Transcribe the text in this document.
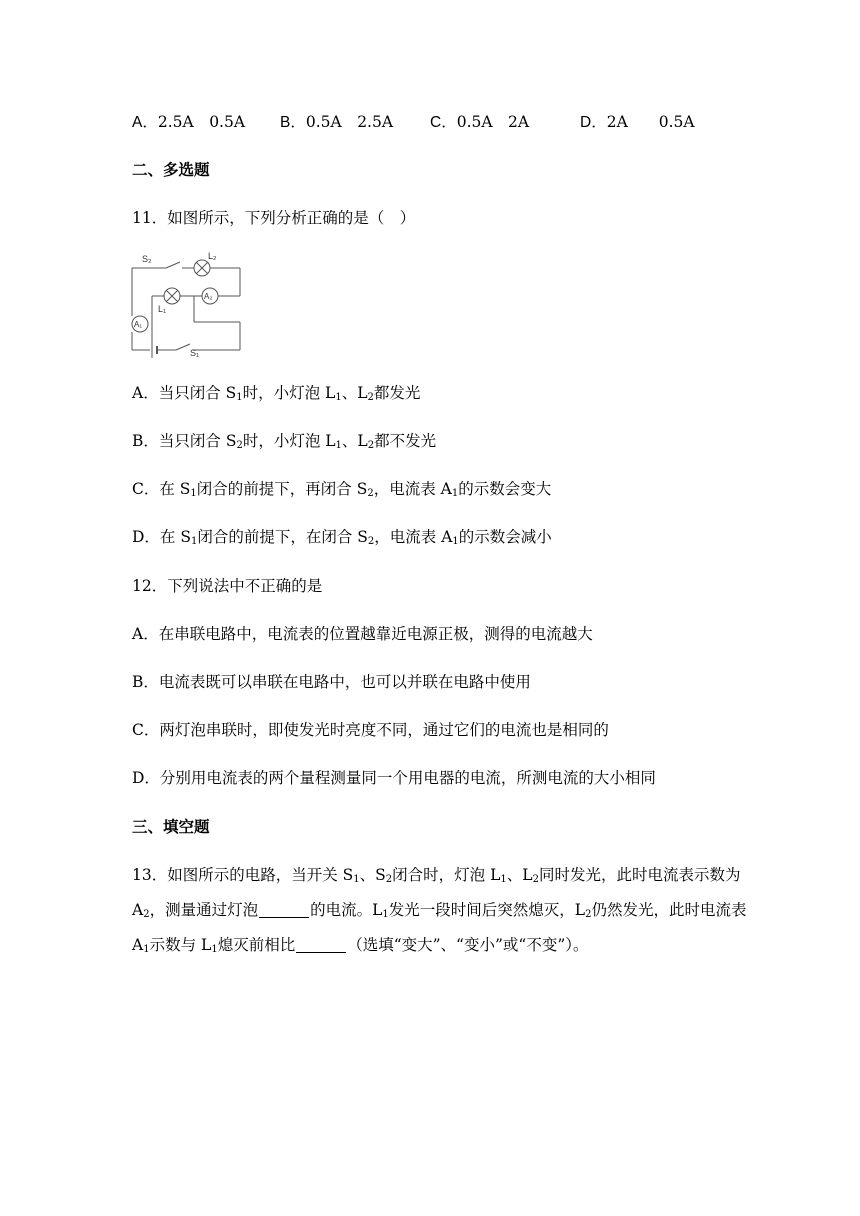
A．2.5A　0.5A B．0.5A　2.5A C．0.5A　2A	D．2A　　0.5A
二、多选题
11．如图所示，下列分析正确的是（　）
S₂	L₂
L₁
A₂
A₁
S₁
A．当只闭合 $S_1$时，小灯泡 $L_1$、$L_2$都发光
B．当只闭合 $S_2$时，小灯泡 $L_1$、$L_2$都不发光
C．在 $S_1$闭合的前提下，再闭合 $S_2$，电流表 $A_1$的示数会变大
D．在 $S_1$闭合的前提下，在闭合 $S_2$，电流表 $A_1$的示数会减小
12．下列说法中不正确的是
A．在串联电路中，电流表的位置越靠近电源正极，测得的电流越大
B．电流表既可以串联在电路中，也可以并联在电路中使用
C．两灯泡串联时，即使发光时亮度不同，通过它们的电流也是相同的
D．分别用电流表的两个量程测量同一个用电器的电流，所测电流的大小相同
三、填空题
13．如图所示的电路，当开关 $S_1$、$S_2$闭合时，灯泡 $L_1$、$L_2$同时发光，此时电流表示数为
$A_2$，测量通过灯泡	的电流。$L_1$发光一段时间后突然熄灭，$L_2$仍然发光，此时电流表
$A_1$示数与 $L_1$熄灭前相比	（选填“变大”、“变小”或“不变”）。
